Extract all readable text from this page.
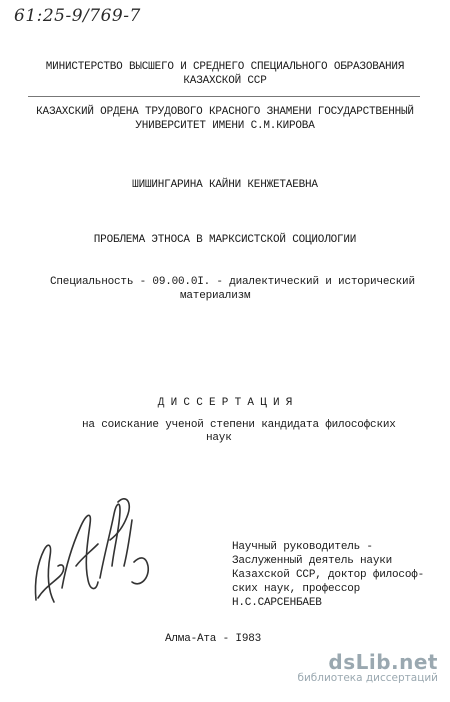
61:25-9/769-7
МИНИСТЕРСТВО ВЫСШЕГО И СРЕДНЕГО СПЕЦИАЛЬНОГО ОБРАЗОВАНИЯ
КАЗАХСКОЙ ССР
КАЗАХСКИЙ ОРДЕНА ТРУДОВОГО КРАСНОГО ЗНАМЕНИ ГОСУДАРСТВЕННЫЙ
УНИВЕРСИТЕТ ИМЕНИ С.М.КИРОВА
ШИШИНГАРИНА КАЙНИ КЕНЖЕТАЕВНА
ПРОБЛЕМА ЭТНОСА В МАРКСИСТСКОЙ СОЦИОЛОГИИ
Специальность - 09.00.0I. - диалектический и исторический
материализм
Д И С С Е Р Т А Ц И Я
на соискание ученой степени кандидата философских
наук
Научный руководитель -
Заслуженный деятель науки
Казахской ССР, доктор философ-
ских наук, профессор
Н.С.САРСЕНБАЕВ
Алма-Ата - I983
dsLib.net
библиотека диссертаций
